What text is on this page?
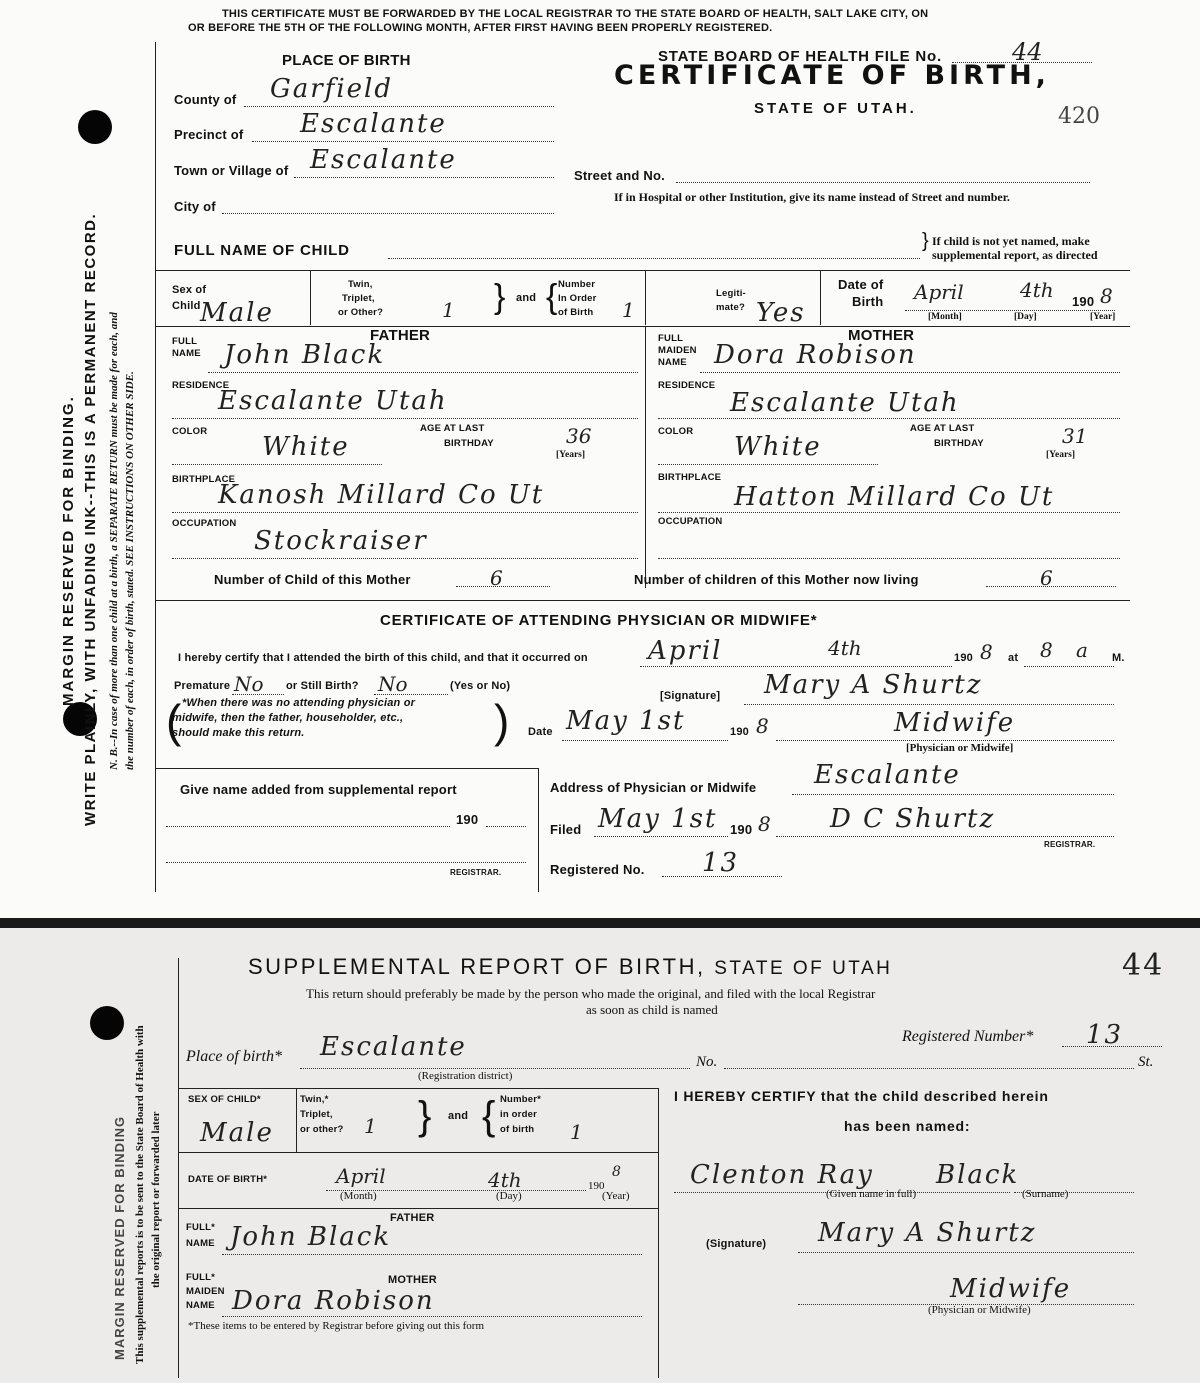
THIS CERTIFICATE MUST BE FORWARDED BY THE LOCAL REGISTRAR TO THE STATE BOARD OF HEALTH, SALT LAKE CITY, ON
OR BEFORE THE 5TH OF THE FOLLOWING MONTH, AFTER FIRST HAVING BEEN PROPERLY REGISTERED.
MARGIN RESERVED FOR BINDING. WRITE PLAINLY, WITH UNFADING INK--THIS IS A PERMANENT RECORD. N. B.--In case of more than one child at a birth, a SEPARATE RETURN must be made for each, and the number of each, in order of birth, stated. SEE INSTRUCTIONS ON OTHER SIDE.
PLACE OF BIRTH
County of Garfield
Precinct of Escalante
Town or Village of Escalante
City of
STATE BOARD OF HEALTH FILE No.	44
CERTIFICATE OF BIRTH,
STATE OF UTAH.	420
Street and No.
If in Hospital or other Institution, give its name instead of Street and number.
FULL NAME OF CHILD	} If child is not yet named, make
supplemental report, as directed
Sex of
Child Male
Twin,
Triplet,
or Other?	1 } and { Number
In Order
of Birth 1
Legiti-
mate? Yes
Date of
Birth April	4th 190 8
[Month]	[Day]	[Year]
FATHER
FULL
NAME John Black
RESIDENCE
Escalante Utah
COLOR
White
AGE AT LAST
BIRTHDAY	36
[Years]
BIRTHPLACE
Kanosh Millard Co Ut
OCCUPATION
Stockraiser
MOTHER
FULL
MAIDEN
NAME Dora Robison
RESIDENCE
Escalante Utah
COLOR
White
AGE AT LAST
BIRTHDAY	31
[Years]
BIRTHPLACE
Hatton Millard Co Ut
OCCUPATION
Number of Child of this Mother	6	Number of children of this Mother now living	6
CERTIFICATE OF ATTENDING PHYSICIAN OR MIDWIFE*
I hereby certify that I attended the birth of this child, and that it occurred on April	4th	190 8 at 8 a M.
Premature No or Still Birth? No	(Yes or No)
[Signature] Mary A Shurtz
( *When there was no attending physician or
midwife, then the father, householder, etc.,
should make this return.	) Date May 1st	190 8	Midwife
[Physician or Midwife]
Give name added from supplemental report
190
REGISTRAR.
Address of Physician or Midwife Escalante
Filed May 1st 190 8 D C Shurtz
REGISTRAR.
Registered No. 13
MARGIN RESERVED FOR BINDING This supplemental reports is to be sent to the State Board of Health with the original report or forwarded later
SUPPLEMENTAL REPORT OF BIRTH, STATE OF UTAH	44
This return should preferably be made by the person who made the original, and filed with the local Registrar
as soon as child is named
Registered Number* 13
Place of birth* Escalante
(Registration district)
No.	St.
SEX OF CHILD*
Male
Twin,*
Triplet,
or other? 1 } and { Number*
in order
of birth 1
I HEREBY CERTIFY that the child described herein
has been named:
DATE OF BIRTH*	April	4th	190
8
(Month)	(Day)	(Year)
Clenton Ray Black
(Given name in full)	(Surname)
FATHER
FULL*
NAME John Black
MOTHER
FULL*
MAIDEN
NAME Dora Robison
*These items to be entered by Registrar before giving out this form
(Signature) Mary A Shurtz
Midwife
(Physician or Midwife)
